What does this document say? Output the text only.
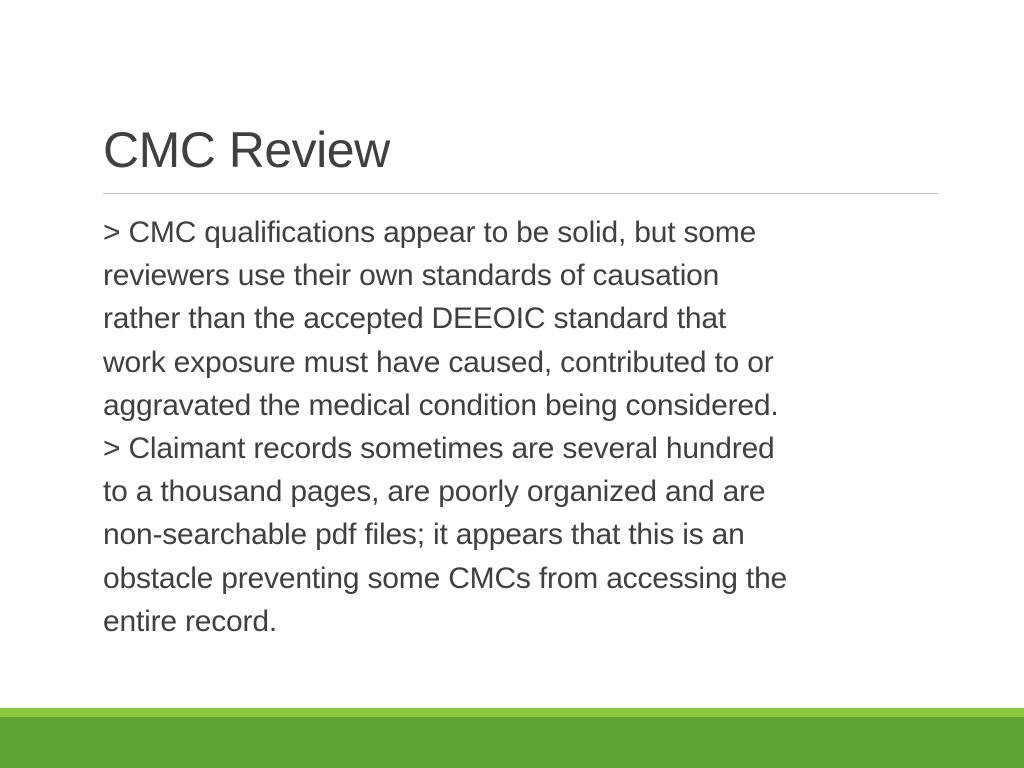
CMC Review

> CMC qualifications appear to be solid, but some

reviewers use their own standards of causation

rather than the accepted DEEOIC standard that

work exposure must have caused, contributed to or

aggravated the medical condition being considered.

> Claimant records sometimes are several hundred

to a thousand pages, are poorly organized and are

non-searchable pdf files; it appears that this is an

obstacle preventing some CMCs from accessing the

entire record.
